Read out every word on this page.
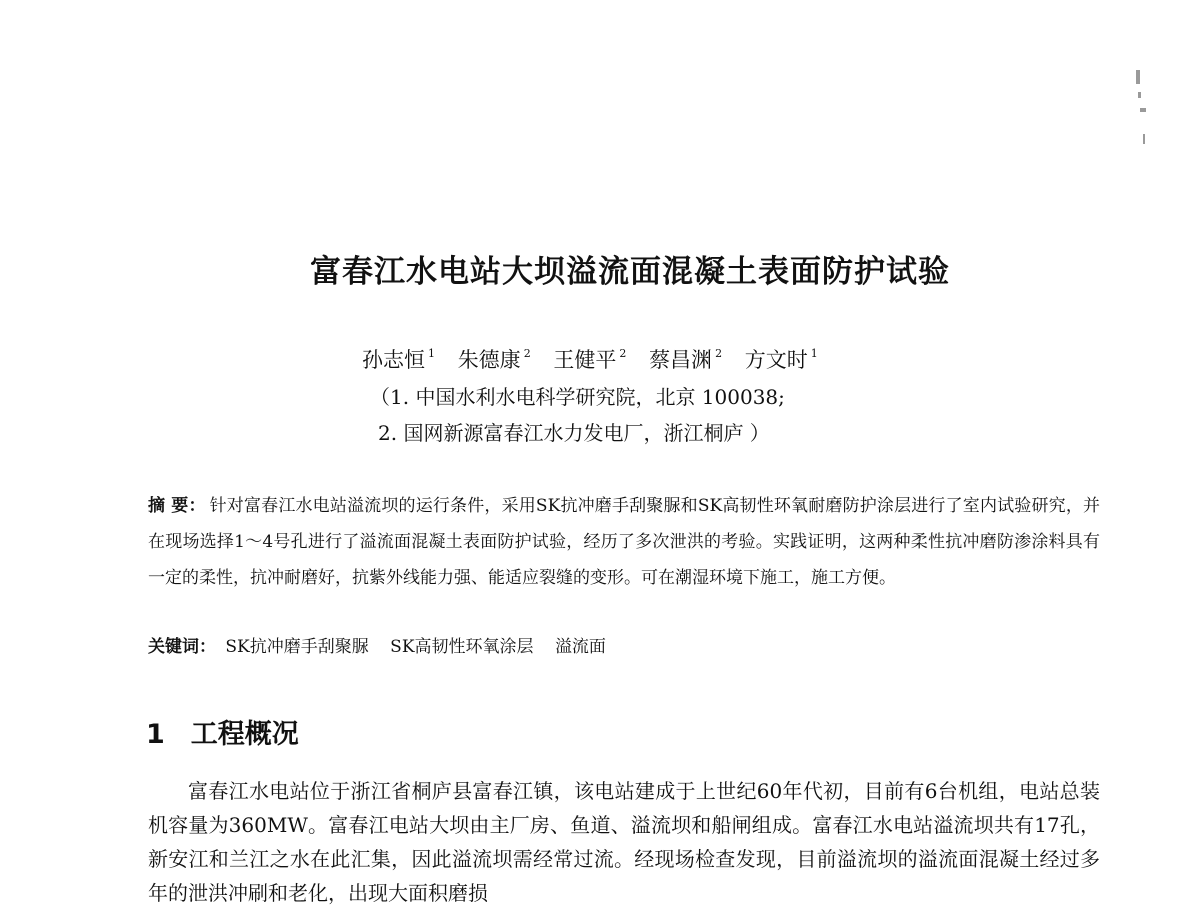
富春江水电站大坝溢流面混凝土表面防护试验
孙志恒 $^1$ 朱德康 $^2$ 王健平 $^2$ 蔡昌渊 $^2$ 方文时 $^1$
（1. 中国水利水电科学研究院，北京 100038;
2. 国网新源富春江水力发电厂，浙江桐庐 ）
摘 要： 针对富春江水电站溢流坝的运行条件，采用SK抗冲磨手刮聚脲和SK高韧性环氧耐磨防护涂层进行了室内试验研究，并在现场选择1～4号孔进行了溢流面混凝土表面防护试验，经历了多次泄洪的考验。实践证明，这两种柔性抗冲磨防渗涂料具有一定的柔性，抗冲耐磨好，抗紫外线能力强、能适应裂缝的变形。可在潮湿环境下施工，施工方便。
关键词： SK抗冲磨手刮聚脲 SK高韧性环氧涂层 溢流面
1 工程概况
富春江水电站位于浙江省桐庐县富春江镇，该电站建成于上世纪60年代初，目前有6台机组，电站总装机容量为360MW。富春江电站大坝由主厂房、鱼道、溢流坝和船闸组成。富春江水电站溢流坝共有17孔，新安江和兰江之水在此汇集，因此溢流坝需经常过流。经现场检查发现，目前溢流坝的溢流面混凝土经过多年的泄洪冲刷和老化，出现大面积磨损
